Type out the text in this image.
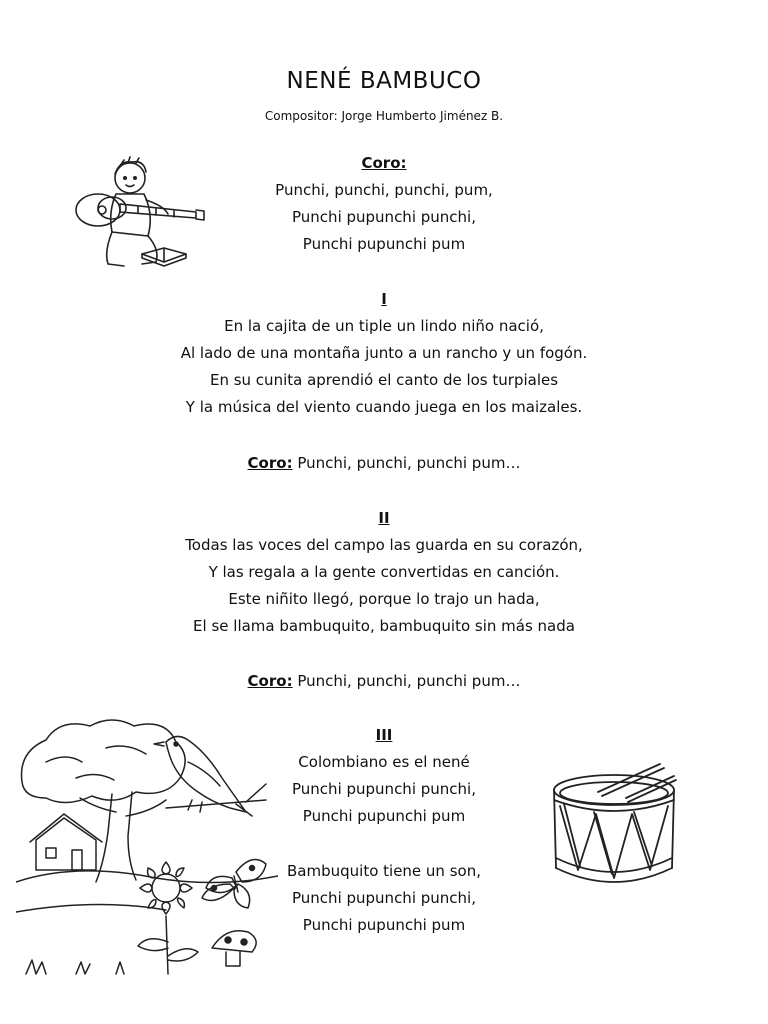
NENÉ BAMBUCO
Compositor: Jorge Humberto Jiménez B.
Coro:
Punchi, punchi, punchi, pum,
Punchi pupunchi punchi,
Punchi pupunchi pum
I
En la cajita de un tiple un lindo niño nació,
Al lado de una montaña junto a un rancho y un fogón.
En su cunita aprendió el canto de los turpiales
Y la música del viento cuando juega en los maizales.
Coro: Punchi, punchi, punchi pum…
II
Todas las voces del campo las guarda en su corazón,
Y las regala a la gente convertidas en canción.
Este niñito llegó, porque lo trajo un hada,
El se llama bambuquito, bambuquito sin más nada
Coro: Punchi, punchi, punchi pum…
III
Colombiano es el nené
Punchi pupunchi punchi,
Punchi pupunchi pum
Bambuquito tiene un son,
Punchi pupunchi punchi,
Punchi pupunchi pum
